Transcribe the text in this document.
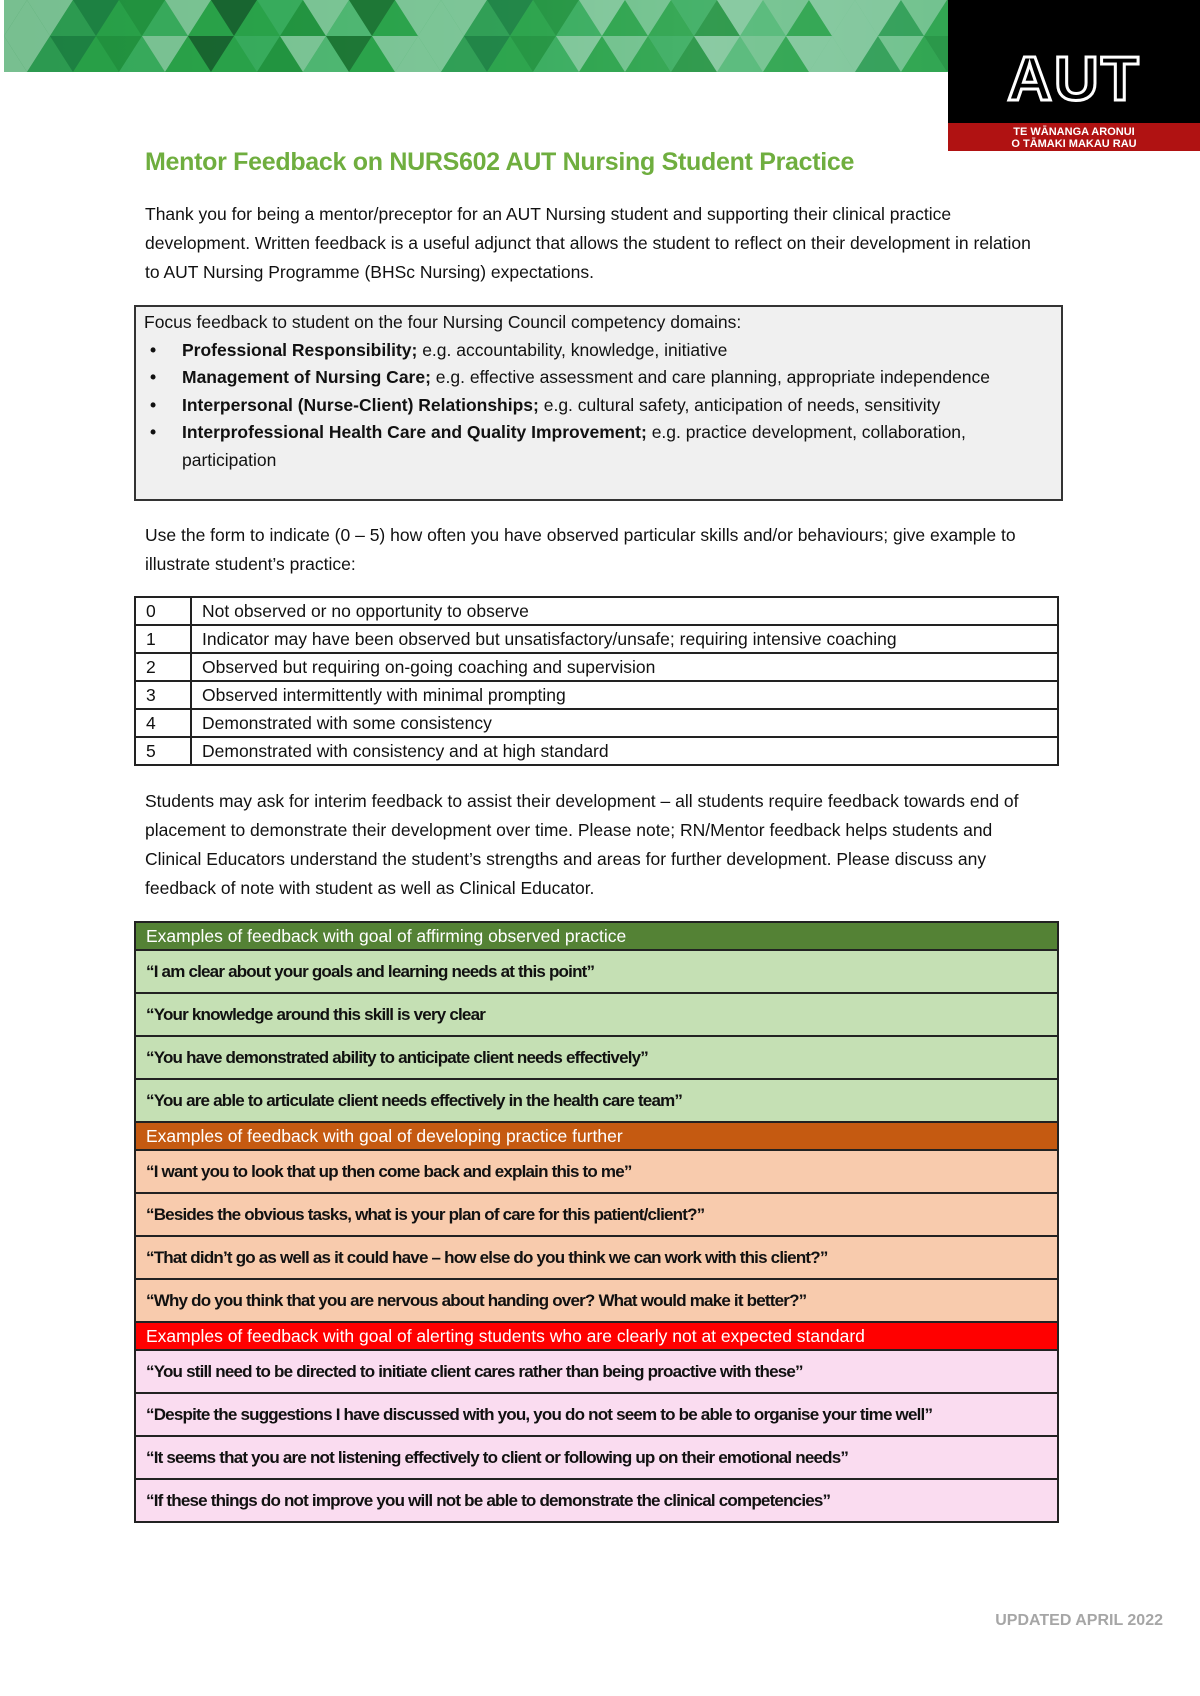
AUT
TE WĀNANGA ARONUI
O TĀMAKI MAKAU RAU
Mentor Feedback on NURS602 AUT Nursing Student Practice
Thank you for being a mentor/preceptor for an AUT Nursing student and supporting their clinical practice development. Written feedback is a useful adjunct that allows the student to reflect on their development in relation to AUT Nursing Programme (BHSc Nursing) expectations.
Focus feedback to student on the four Nursing Council competency domains:
• Professional Responsibility; e.g. accountability, knowledge, initiative
• Management of Nursing Care; e.g. effective assessment and care planning, appropriate independence
• Interpersonal (Nurse-Client) Relationships; e.g. cultural safety, anticipation of needs, sensitivity
• Interprofessional Health Care and Quality Improvement; e.g. practice development, collaboration, participation
Use the form to indicate (0 – 5) how often you have observed particular skills and/or behaviours; give example to illustrate student’s practice:
0	Not observed or no opportunity to observe
1	Indicator may have been observed but unsatisfactory/unsafe; requiring intensive coaching
2	Observed but requiring on-going coaching and supervision
3	Observed intermittently with minimal prompting
4	Demonstrated with some consistency
5	Demonstrated with consistency and at high standard
Students may ask for interim feedback to assist their development – all students require feedback towards end of placement to demonstrate their development over time. Please note; RN/Mentor feedback helps students and Clinical Educators understand the student’s strengths and areas for further development. Please discuss any feedback of note with student as well as Clinical Educator.
Examples of feedback with goal of affirming observed practice
“I am clear about your goals and learning needs at this point”
“Your knowledge around this skill is very clear
“You have demonstrated ability to anticipate client needs effectively”
“You are able to articulate client needs effectively in the health care team”
Examples of feedback with goal of developing practice further
“I want you to look that up then come back and explain this to me”
“Besides the obvious tasks, what is your plan of care for this patient/client?”
“That didn’t go as well as it could have – how else do you think we can work with this client?”
“Why do you think that you are nervous about handing over? What would make it better?”
Examples of feedback with goal of alerting students who are clearly not at expected standard
“You still need to be directed to initiate client cares rather than being proactive with these”
“Despite the suggestions I have discussed with you, you do not seem to be able to organise your time well”
“It seems that you are not listening effectively to client or following up on their emotional needs”
“If these things do not improve you will not be able to demonstrate the clinical competencies”
UPDATED APRIL 2022
